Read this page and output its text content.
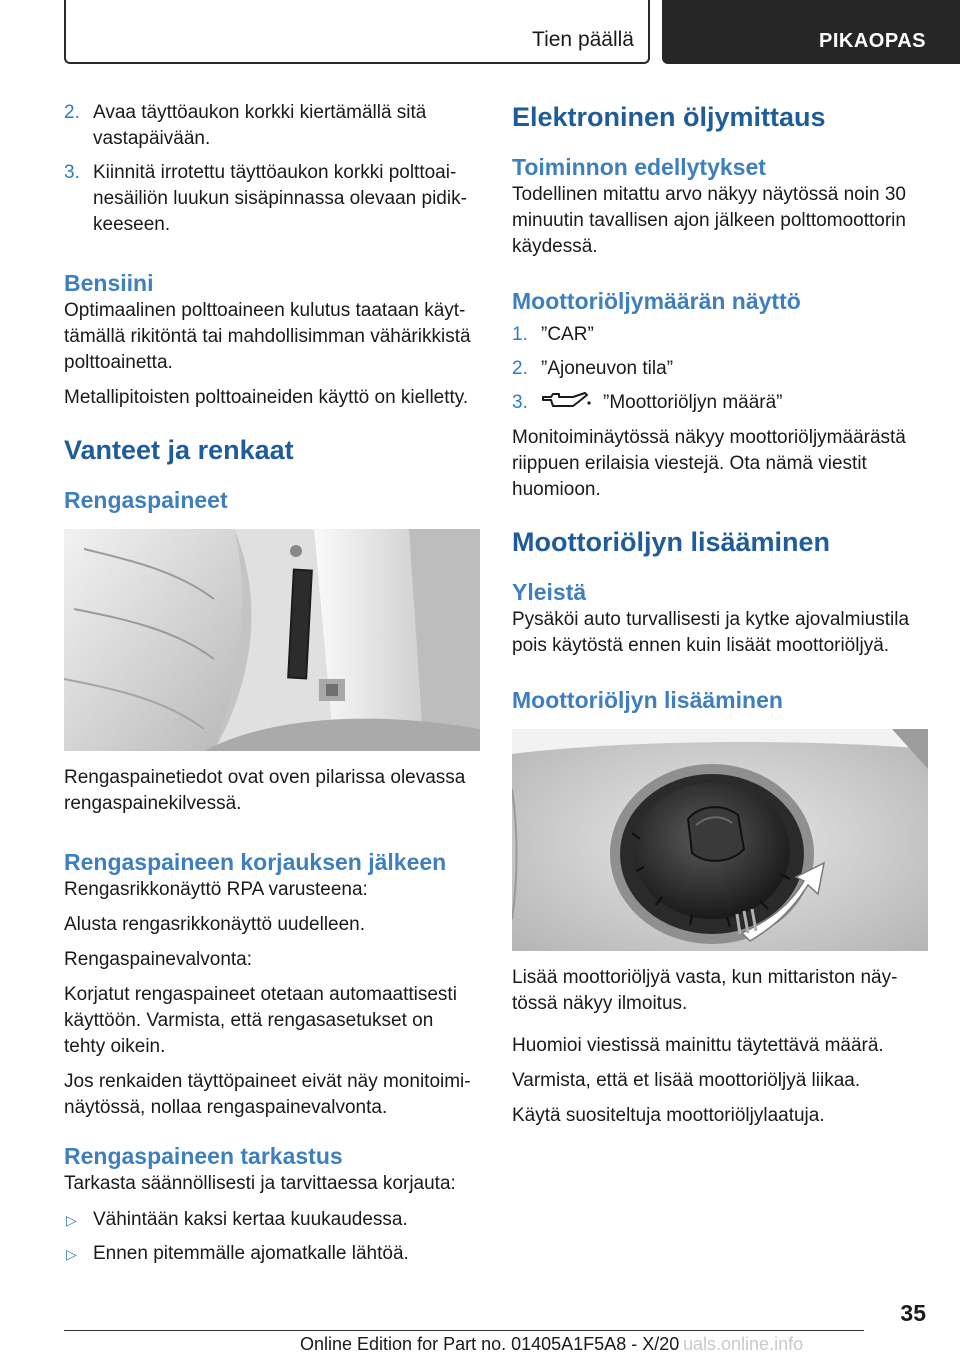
Tien päällä	PIKAOPAS
2. Avaa täyttöaukon korkki kiertämällä sitä vastapäivään.
3. Kiinnitä irrotettu täyttöaukon korkki polttoainesäiliön luukun sisäpinnassa olevaan pidikkeeseen.
Bensiini

Optimaalinen polttoaineen kulutus taataan käyttämällä rikitöntä tai mahdollisimman vähärikkistä polttoainetta.

Metallipitoisten polttoaineiden käyttö on kielletty.

Vanteet ja renkaat
Rengaspaineet

Rengaspainetiedot ovat oven pilarissa olevassa rengaspainekilvessä.

Rengaspaineen korjauksen jälkeen

Rengasrikkonäyttö RPA varusteena:

Alusta rengasrikkonäyttö uudelleen.

Rengaspainevalvonta:

Korjatut rengaspaineet otetaan automaattisesti käyttöön. Varmista, että rengasasetukset on tehty oikein.

Jos renkaiden täyttöpaineet eivät näy monitoiminäytössä, nollaa rengaspainevalvonta.

Rengaspaineen tarkastus

Tarkasta säännöllisesti ja tarvittaessa korjauta:

▷ Vähintään kaksi kertaa kuukaudessa.
▷ Ennen pitemmälle ajomatkalle lähtöä.
Elektroninen öljymittaus
Toiminnon edellytykset

Todellinen mitattu arvo näkyy näytössä noin 30 minuutin tavallisen ajon jälkeen polttomoottorin käydessä.

Moottoriöljymäärän näyttö
1. ”CAR”
2. ”Ajoneuvon tila”
3.	”Moottoriöljyn määrä”

Monitoiminäytössä näkyy moottoriöljymäärästä riippuen erilaisia viestejä. Ota nämä viestit huomioon.

Moottoriöljyn lisääminen
Yleistä

Pysäköi auto turvallisesti ja kytke ajovalmiustila pois käytöstä ennen kuin lisäät moottoriöljyä.

Moottoriöljyn lisääminen

Lisää moottoriöljyä vasta, kun mittariston näytössä näkyy ilmoitus.

Huomioi viestissä mainittu täytettävä määrä.

Varmista, että et lisää moottoriöljyä liikaa.

Käytä suositeltuja moottoriöljylaatuja.

35
Online Edition for Part no. 01405A1F5A8 - X/20 uals.online.info
